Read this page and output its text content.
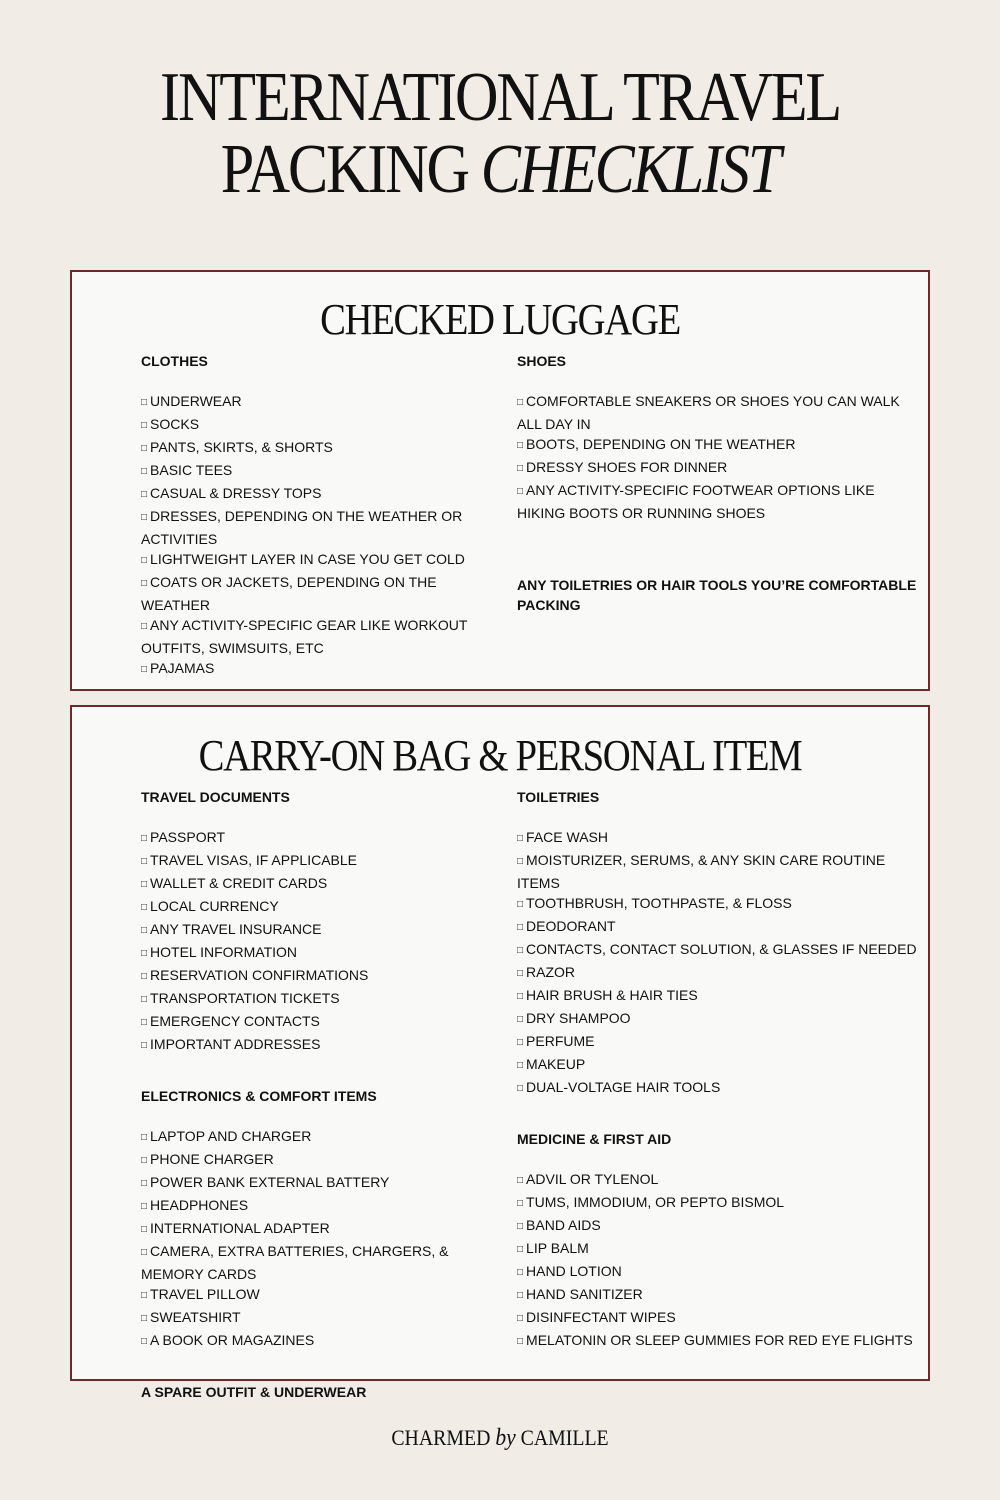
INTERNATIONAL TRAVEL
PACKING CHECKLIST
CHECKED LUGGAGE

CLOTHES

□ UNDERWEAR
□ SOCKS
□ PANTS, SKIRTS, & SHORTS
□ BASIC TEES
□ CASUAL & DRESSY TOPS
□ DRESSES, DEPENDING ON THE WEATHER OR ACTIVITIES
□ LIGHTWEIGHT LAYER IN CASE YOU GET COLD
□ COATS OR JACKETS, DEPENDING ON THE WEATHER
□ ANY ACTIVITY-SPECIFIC GEAR LIKE WORKOUT OUTFITS, SWIMSUITS, ETC
□ PAJAMAS

SHOES

□ COMFORTABLE SNEAKERS OR SHOES YOU CAN WALK ALL DAY IN
□ BOOTS, DEPENDING ON THE WEATHER
□ DRESSY SHOES FOR DINNER
□ ANY ACTIVITY-SPECIFIC FOOTWEAR OPTIONS LIKE HIKING BOOTS OR RUNNING SHOES

ANY TOILETRIES OR HAIR TOOLS YOU’RE COMFORTABLE PACKING

CARRY-ON BAG & PERSONAL ITEM

TRAVEL DOCUMENTS

□ PASSPORT
□ TRAVEL VISAS, IF APPLICABLE
□ WALLET & CREDIT CARDS
□ LOCAL CURRENCY
□ ANY TRAVEL INSURANCE
□ HOTEL INFORMATION
□ RESERVATION CONFIRMATIONS
□ TRANSPORTATION TICKETS
□ EMERGENCY CONTACTS
□ IMPORTANT ADDRESSES

ELECTRONICS & COMFORT ITEMS

□ LAPTOP AND CHARGER
□ PHONE CHARGER
□ POWER BANK EXTERNAL BATTERY
□ HEADPHONES
□ INTERNATIONAL ADAPTER
□ CAMERA, EXTRA BATTERIES, CHARGERS, & MEMORY CARDS
□ TRAVEL PILLOW
□ SWEATSHIRT
□ A BOOK OR MAGAZINES

A SPARE OUTFIT & UNDERWEAR

TOILETRIES

□ FACE WASH
□ MOISTURIZER, SERUMS, & ANY SKIN CARE ROUTINE ITEMS
□ TOOTHBRUSH, TOOTHPASTE, & FLOSS
□ DEODORANT
□ CONTACTS, CONTACT SOLUTION, & GLASSES IF NEEDED
□ RAZOR
□ HAIR BRUSH & HAIR TIES
□ DRY SHAMPOO
□ PERFUME
□ MAKEUP
□ DUAL-VOLTAGE HAIR TOOLS

MEDICINE & FIRST AID

□ ADVIL OR TYLENOL
□ TUMS, IMMODIUM, OR PEPTO BISMOL
□ BAND AIDS
□ LIP BALM
□ HAND LOTION
□ HAND SANITIZER
□ DISINFECTANT WIPES
□ MELATONIN OR SLEEP GUMMIES FOR RED EYE FLIGHTS
CHARMED by CAMILLE
